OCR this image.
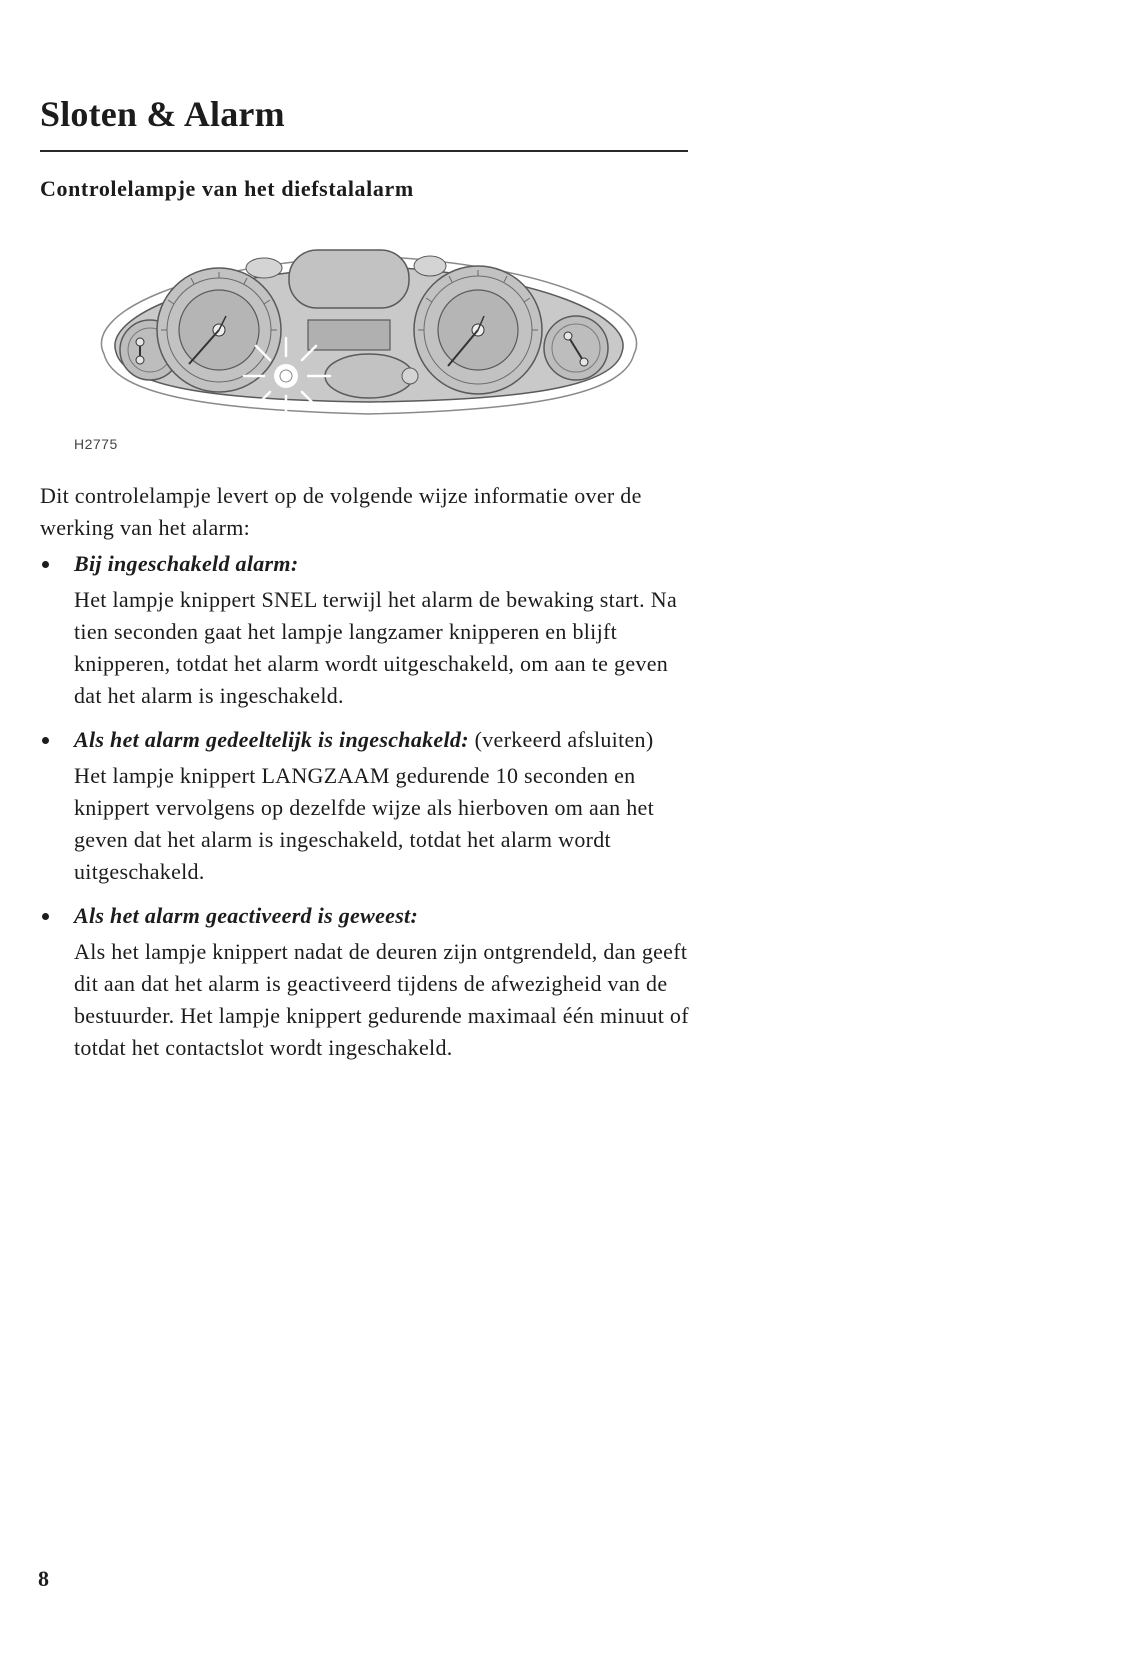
Sloten & Alarm
Controlelampje van het diefstalalarm
H2775

Dit controlelampje levert op de volgende wijze informatie over de werking van het alarm:

Bij ingeschakeld alarm:

Het lampje knippert SNEL terwijl het alarm de bewaking start. Na tien seconden gaat het lampje langzamer knipperen en blijft knipperen, totdat het alarm wordt uitgeschakeld, om aan te geven dat het alarm is ingeschakeld.

Als het alarm gedeeltelijk is ingeschakeld: (verkeerd afsluiten)

Het lampje knippert LANGZAAM gedurende 10 seconden en knippert vervolgens op dezelfde wijze als hierboven om aan het geven dat het alarm is ingeschakeld, totdat het alarm wordt uitgeschakeld.

Als het alarm geactiveerd is geweest:

Als het lampje knippert nadat de deuren zijn ontgrendeld, dan geeft dit aan dat het alarm is geactiveerd tijdens de afwezigheid van de bestuurder. Het lampje knippert gedurende maximaal één minuut of totdat het contactslot wordt ingeschakeld.

8
